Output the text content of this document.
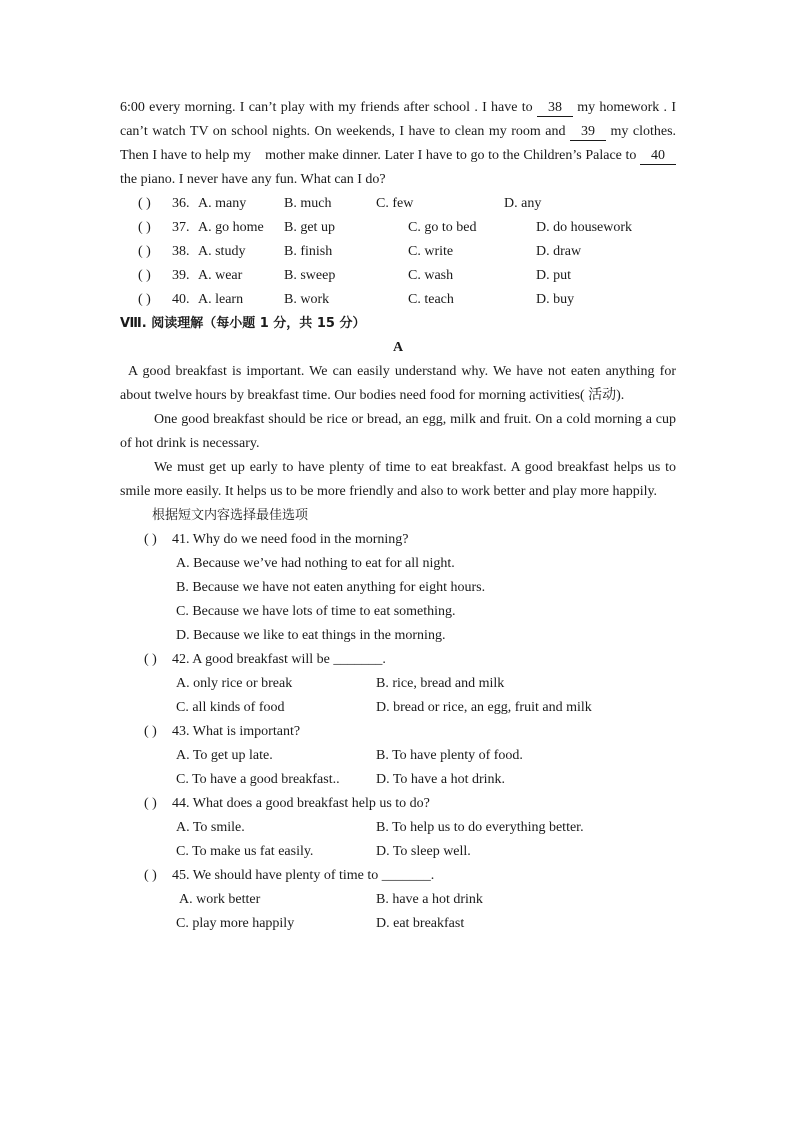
6:00 every morning. I can’t play with my friends after school . I have to 38 my homework . I can’t watch TV on school nights. On weekends, I have to clean my room and 39 my clothes. Then I have to help my　mother make dinner. Later I have to go to the Children’s Palace to 40 the piano. I never have any fun. What can I do?

( ) 36. A. many	B. much	C. few	D. any
( ) 37. A. go home B. get up	C. go to bed	D. do housework
( ) 38. A. study	B. finish	C. write	D. draw
( ) 39. A. wear	B. sweep	C. wash	D. put
( ) 40. A. learn	B. work	C. teach	D. buy
Ⅷ. 阅读理解（每小题 1 分，共 15 分）
A

A good breakfast is important. We can easily understand why. We have not eaten anything for about twelve hours by breakfast time. Our bodies need food for morning activities( 活动).

One good breakfast should be rice or bread, an egg, milk and fruit. On a cold morning a cup of hot drink is necessary.

We must get up early to have plenty of time to eat breakfast. A good breakfast helps us to smile more easily. It helps us to be more friendly and also to work better and play more happily.

根据短文内容选择最佳选项
( ) 41. Why do we need food in the morning?
A. Because we’ve had nothing to eat for all night.
B. Because we have not eaten anything for eight hours.
C. Because we have lots of time to eat something.
D. Because we like to eat things in the morning.
( ) 42. A good breakfast will be _______.
A. only rice or break	B. rice, bread and milk
C. all kinds of food	D. bread or rice, an egg, fruit and milk
( ) 43. What is important?
A. To get up late.	B. To have plenty of food.
C. To have a good breakfast..	D. To have a hot drink.
( ) 44. What does a good breakfast help us to do?
A. To smile.	B. To help us to do everything better.
C. To make us fat easily.	D. To sleep well.
( ) 45. We should have plenty of time to _______.
A. work better	B. have a hot drink
C. play more happily	D. eat breakfast
